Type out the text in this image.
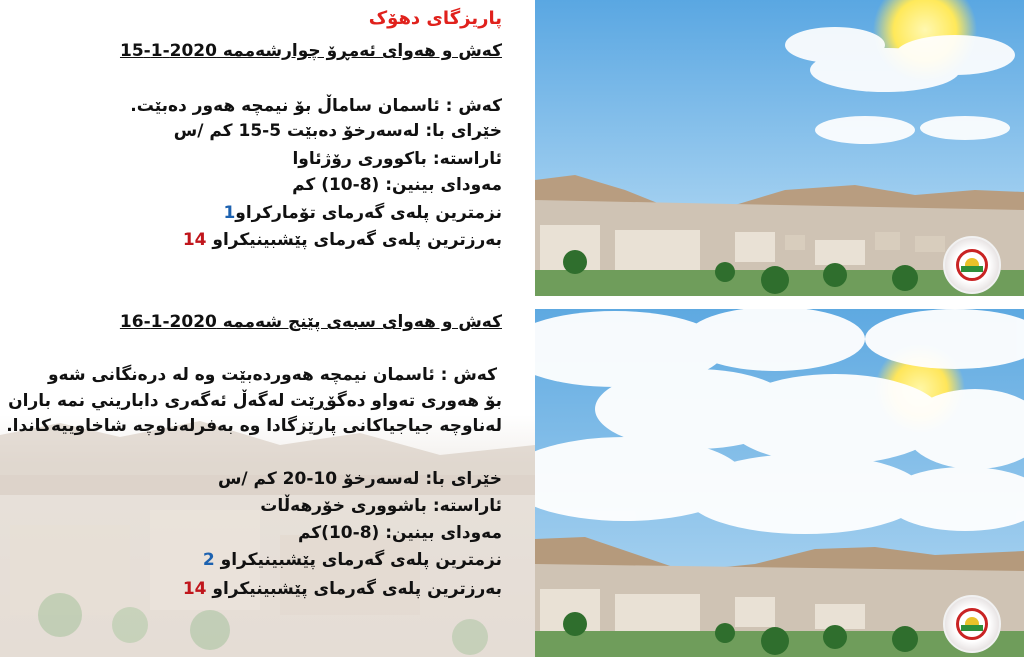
پاریزگای دهۆک
کەش و هەوای ئەمڕۆ چوارشەممە 2020-1-15
کەش : ئاسمان ساماڵ بۆ نیمچە هەور دەبێت.
خێرای با: لەسەرخۆ دەبێت 5-15 کم /س
ئاراستە: باکووری رۆژئاوا
مەودای بینین: (8-10) کم
نزمترین پلەی گەرمای تۆمارکراو1
بەرزترین پلەی گەرمای پێشبینیکراو 14
کەش و هەوای سبەی پێنج شەممە 2020-1-16
کەش : ئاسمان نیمچە هەوردەبێت وە لە درەنگانی شەو
بۆ هەوری تەواو دەگۆڕێت لەگەڵ ئەگەری داباریني نمە باران
لەناوچە جیاجیاکانی پارێزگادا وە بەفرلەناوچە شاخاوییەکاندا.
خێرای با: لەسەرخۆ 10-20 کم /س
ئاراستە: باشووری خۆرهەڵات
مەودای بینین: (8-10)کم
نزمترین پلەی گەرمای پێشبینیکراو 2
بەرزترین پلەی گەرمای پێشبینیکراو 14
